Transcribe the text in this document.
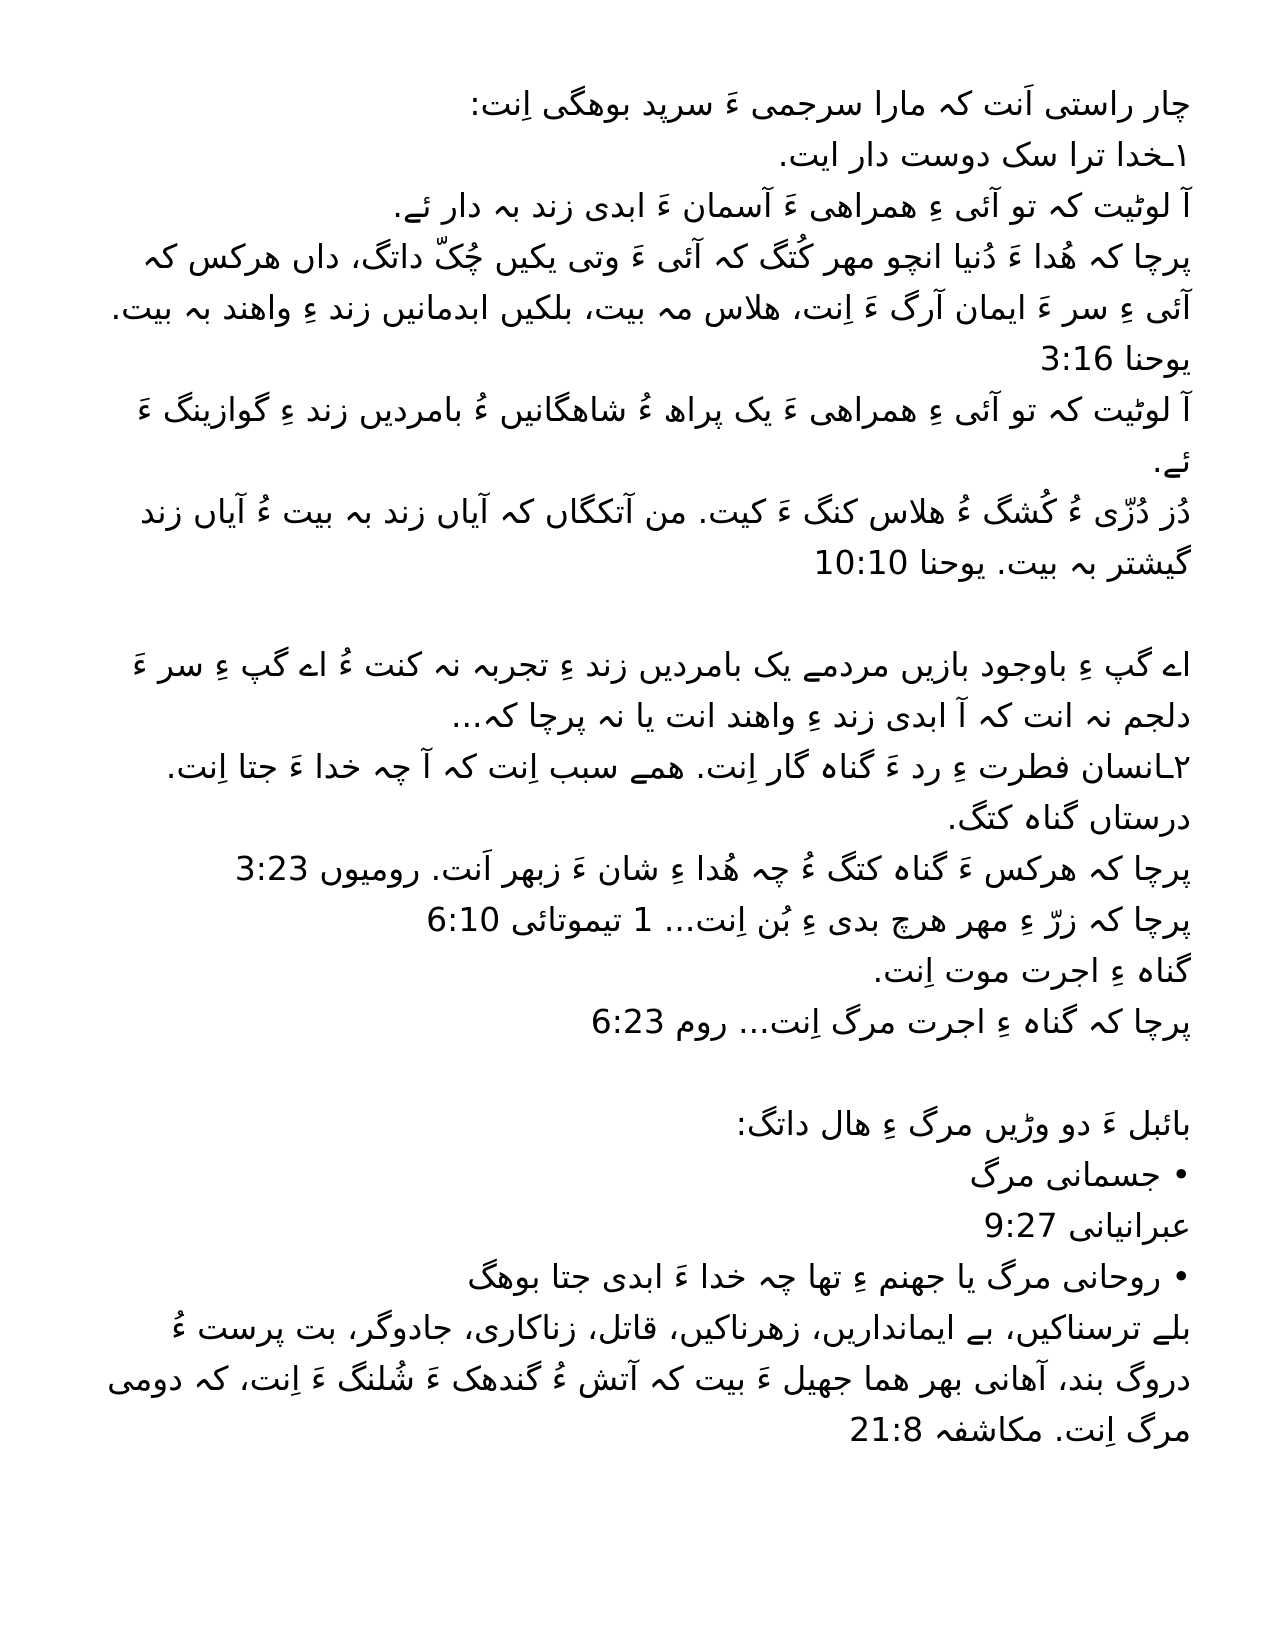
چار راستی اَنت کہ مارا سرجمی ءَ سرپد بوھگی اِنت:
١ـخدا ترا سک دوست دار ایت.
آ لوٹیت کہ تو آئی ءِ ھمراھی ءَ آسمان ءَ ابدی زند بہ دار ئے.
پرچا کہ ھُدا ءَ دُنیا انچو مھر کُتگ کہ آئی ءَ وتی یکیں چُکّ داتگ، داں ھرکس کہ آئی ءِ سر ءَ ایمان آرگ ءَ اِنت، ھلاس مہ بیت، بلکیں ابدمانیں زند ءِ واھند بہ بیت. یوحنا 3:16
آ لوٹیت کہ تو آئی ءِ ھمراھی ءَ یک پراھ ءُ شاھگانیں ءُ بامردیں زند ءِ گوازینگ ءَ ئے.
دُز دُزّی ءُ کُشگ ءُ ھلاس کنگ ءَ کیت. من آتکگاں کہ آیاں زند بہ بیت ءُ آیاں زند گیشتر بہ بیت. یوحنا 10:10
اے گپ ءِ باوجود بازیں مردمے یک بامردیں زند ءِ تجربہ نہ کنت ءُ اے گپ ءِ سر ءَ دلجم نہ انت کہ آ ابدی زند ءِ واھند انت یا نہ پرچا کہ...
٢ـانسان فطرت ءِ رد ءَ گناہ گار اِنت. ھمے سبب اِنت کہ آ چہ خدا ءَ جتا اِنت.
درستاں گناہ کتگ.
پرچا کہ ھرکس ءَ گناہ کتگ ءُ چہ ھُدا ءِ شان ءَ زبھر اَنت. رومیوں 3:23
پرچا کہ زرّ ءِ مھر ھرچ بدی ءِ بُن اِنت... 1 تیموتائی 6:10
گناہ ءِ اجرت موت اِنت.
پرچا کہ گناہ ءِ اجرت مرگ اِنت... روم 6:23
بائبل ءَ دو وڑیں مرگ ءِ ھال داتگ:
• جسمانی مرگ
عبرانیانی 9:27
• روحانی مرگ یا جھنم ءِ تھا چہ خدا ءَ ابدی جتا بوھگ
بلے ترسناکیں، بے ایمانداریں، زھرناکیں، قاتل، زناکاری، جادوگر، بت پرست ءُ دروگ بند، آھانی بھر ھما جھیل ءَ بیت کہ آتش ءُ گندھک ءَ شُلنگ ءَ اِنت، کہ دومی مرگ اِنت. مکاشفہ 21:8
